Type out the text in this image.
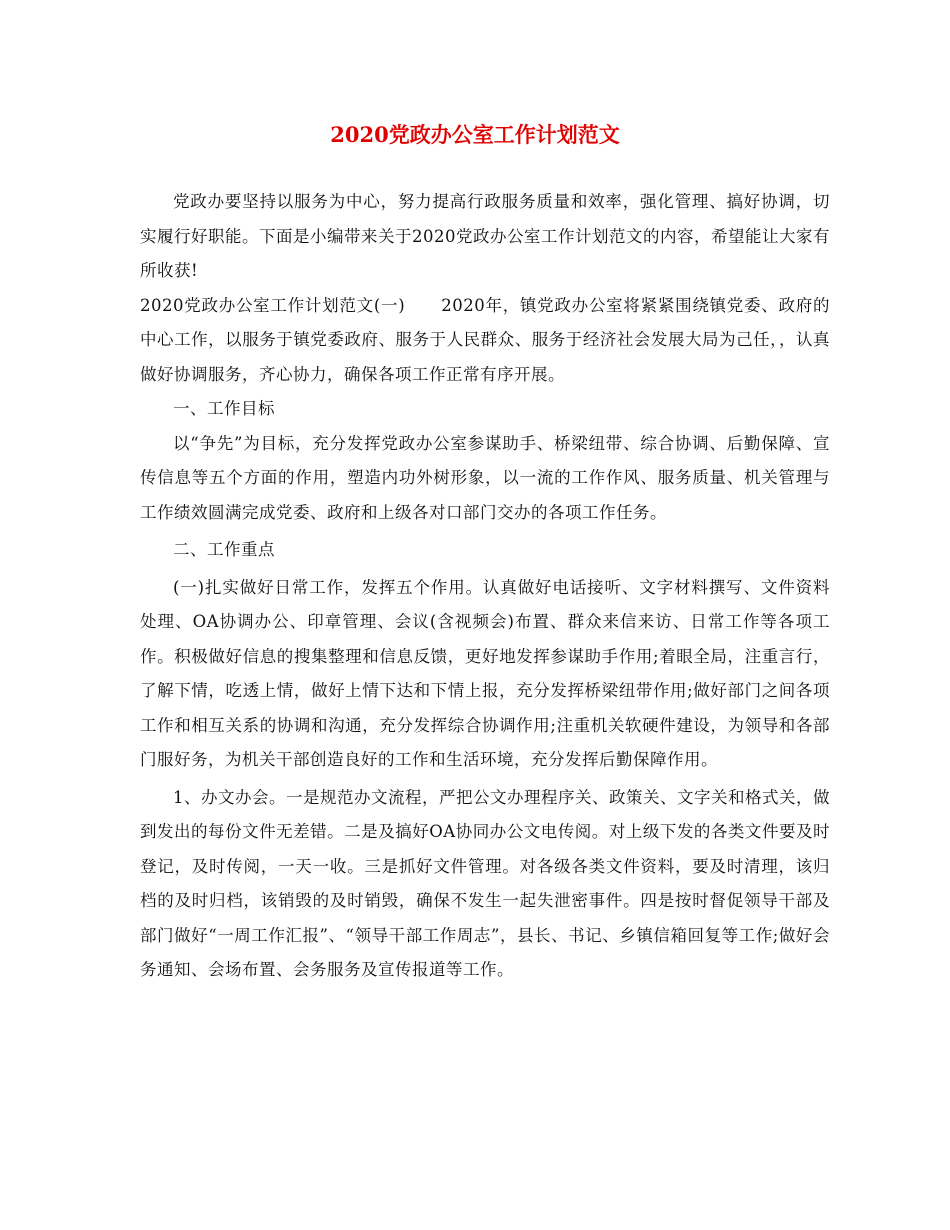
2020党政办公室工作计划范文

党政办要坚持以服务为中心，努力提高行政服务质量和效率，强化管理、搞好协调，切实履行好职能。下面是小编带来关于2020党政办公室工作计划范文的内容，希望能让大家有所收获!

2020党政办公室工作计划范文(一) 2020年，镇党政办公室将紧紧围绕镇党委、政府的中心工作，以服务于镇党委政府、服务于人民群众、服务于经济社会发展大局为己任，，认真做好协调服务，齐心协力，确保各项工作正常有序开展。

一、工作目标

以“争先”为目标，充分发挥党政办公室参谋助手、桥梁纽带、综合协调、后勤保障、宣传信息等五个方面的作用，塑造内功外树形象，以一流的工作作风、服务质量、机关管理与工作绩效圆满完成党委、政府和上级各对口部门交办的各项工作任务。

二、工作重点

(一)扎实做好日常工作，发挥五个作用。认真做好电话接听、文字材料撰写、文件资料处理、OA协调办公、印章管理、会议(含视频会)布置、群众来信来访、日常工作等各项工作。积极做好信息的搜集整理和信息反馈，更好地发挥参谋助手作用;着眼全局，注重言行，了解下情，吃透上情，做好上情下达和下情上报，充分发挥桥梁纽带作用;做好部门之间各项工作和相互关系的协调和沟通，充分发挥综合协调作用;注重机关软硬件建设，为领导和各部门服好务，为机关干部创造良好的工作和生活环境，充分发挥后勤保障作用。

1、办文办会。一是规范办文流程，严把公文办理程序关、政策关、文字关和格式关，做到发出的每份文件无差错。二是及搞好OA协同办公文电传阅。对上级下发的各类文件要及时登记，及时传阅，一天一收。三是抓好文件管理。对各级各类文件资料，要及时清理，该归档的及时归档，该销毁的及时销毁，确保不发生一起失泄密事件。四是按时督促领导干部及部门做好“一周工作汇报”、“领导干部工作周志”，县长、书记、乡镇信箱回复等工作;做好会务通知、会场布置、会务服务及宣传报道等工作。
